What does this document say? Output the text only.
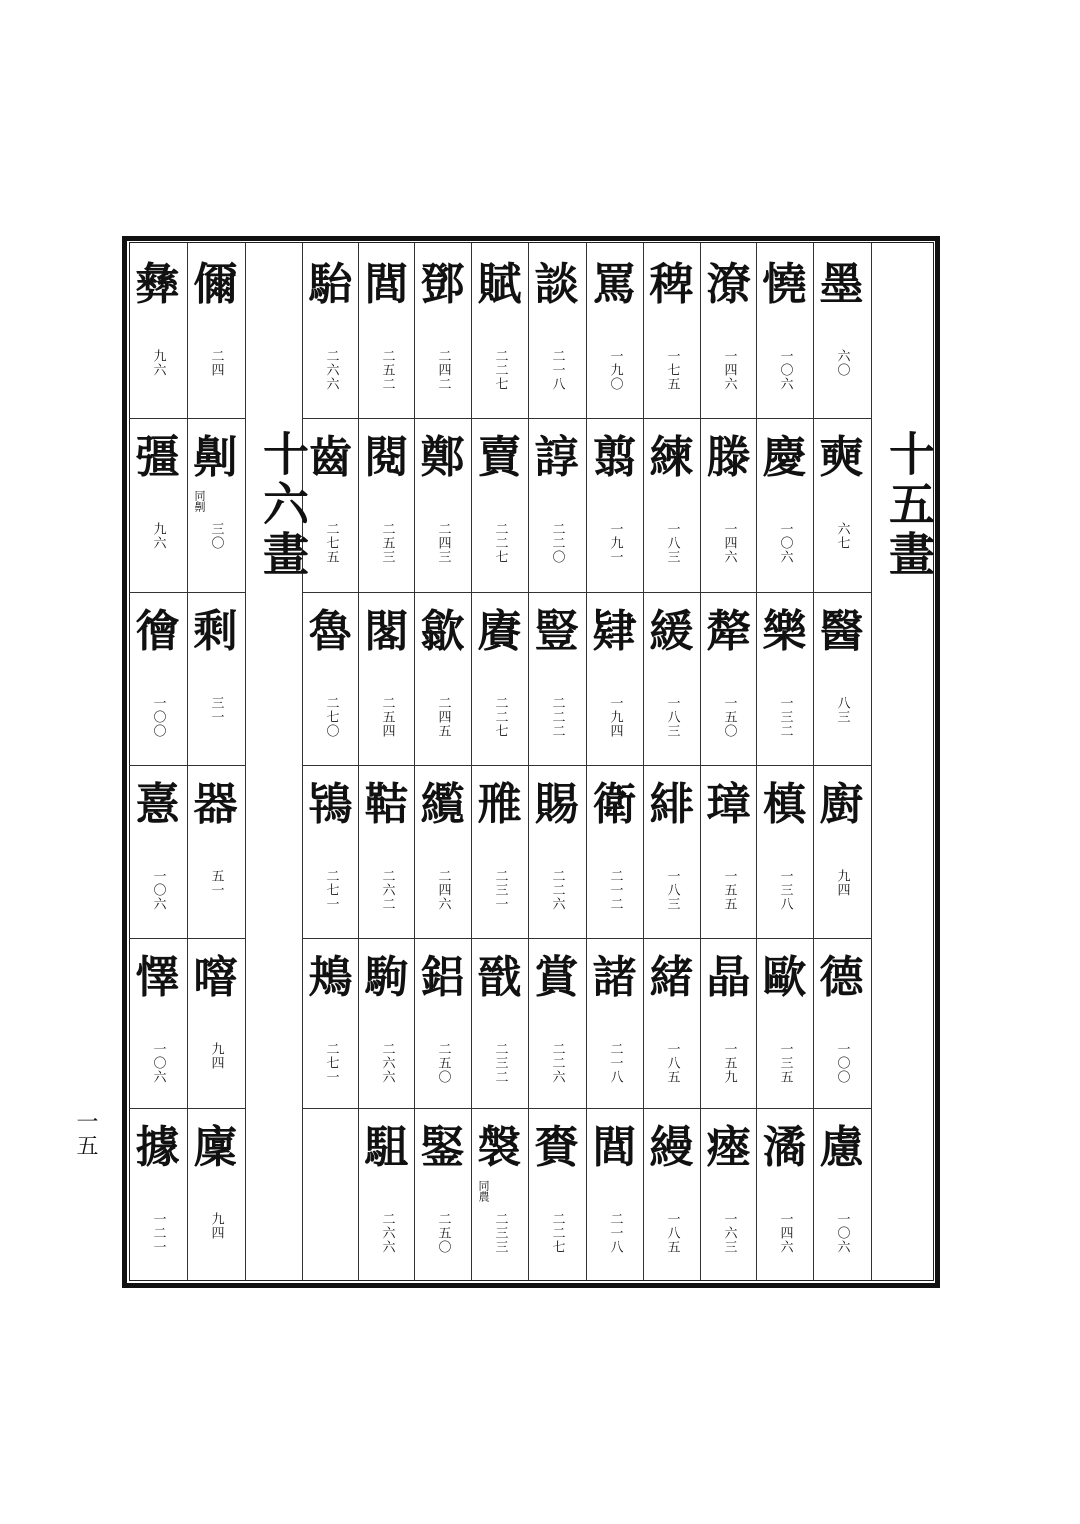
十五畫
十六畫
墨
六〇
奭
六七
醫
八三
廚
九四
德
一〇〇
慮
一〇六
憢
一〇六
慶
一〇六
樂
一三二
槙
一三八
歐
一三五
潏
一四六
潦
一四六
滕
一四六
犛
一五〇
璋
一五五
晶
一五九
瘞
一六三
稗
一七五
練
一八三
緩
一八三
緋
一八三
緒
一八五
縵
一八五
罵
一九〇
翦
一九一
肄
一九四
衛
二一二
諸
二一八
閭
二一八
談
二一八
諄
二二〇
豎
二二二
賜
二二六
賞
二二六
賚
二二七
賦
二二七
賣
二二七
賡
二二七
雃
二三一
戩
二三二
褩
二三三
同農
鄧
二四二
鄭
二四三
歙
二四五
䌫
二四六
鋁
二五〇
鋻
二五〇
閭
二五二
閱
二五三
閣
二五四
鞊
二六二
駒
二六六
駔
二六六
駘
二六六
齒
二七五
魯
二七〇
鴇
二七一
鴂
二七一
儞
二四
劓
三〇
同劓
剩
三一
器
五一
噾
九四
廩
九四
彝
九六
彊
九六
徻
一〇〇
憙
一〇六
懌
一〇六
據
一二一
一五
